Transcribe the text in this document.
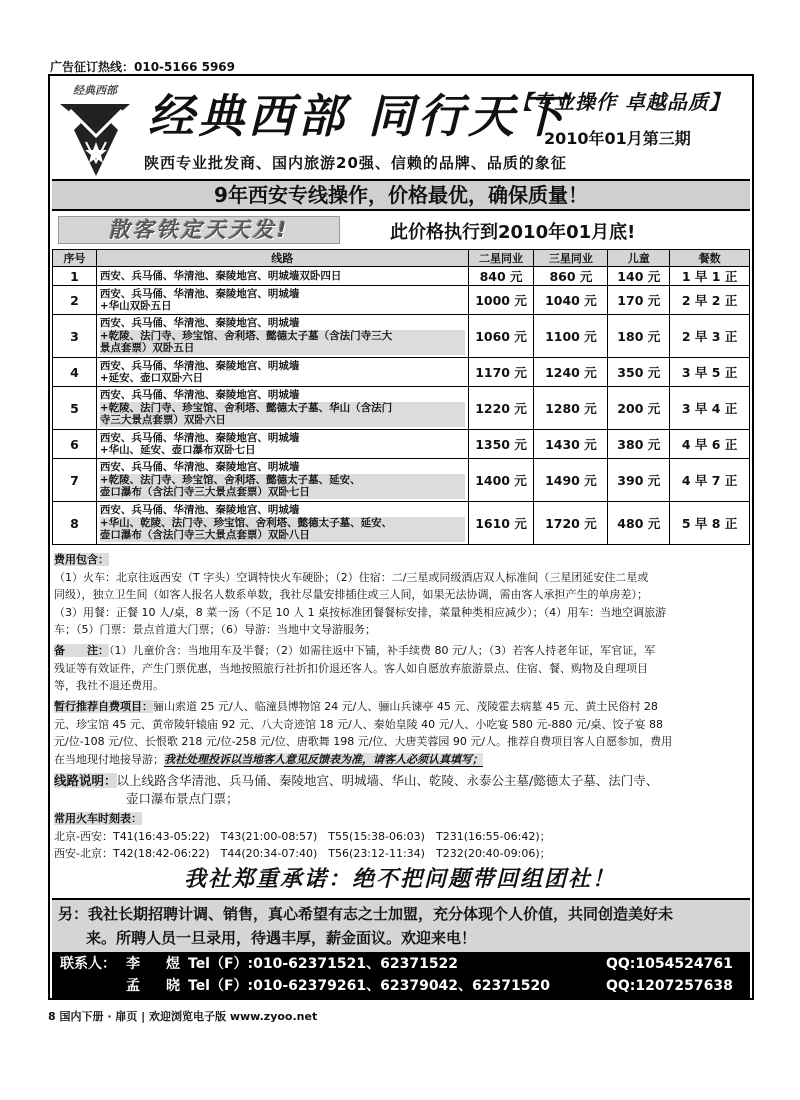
广告征订热线：010-5166 5969
经典西部 经典西部 同行天下
【专业操作 卓越品质】
2010年01月第三期
陕西专业批发商、国内旅游20强、信赖的品牌、品质的象征
9年西安专线操作，价格最优，确保质量！
散客铁定天天发!	此价格执行到2010年01月底!
序号	线路	二星同业	三星同业	儿童	餐数
1	西安、兵马俑、华清池、秦陵地宫、明城墙双卧四日	840 元	860 元	140 元	1 早 1 正
2	西安、兵马俑、华清池、秦陵地宫、明城墙
+华山双卧五日	1000 元	1040 元	170 元	2 早 2 正
3	西安、兵马俑、华清池、秦陵地宫、明城墙
+乾陵、法门寺、珍宝馆、舍利塔、懿德太子墓（含法门寺三大
景点套票）双卧五日	1060 元	1100 元	180 元	2 早 3 正
4	西安、兵马俑、华清池、秦陵地宫、明城墙
+延安、壶口双卧六日	1170 元	1240 元	350 元	3 早 5 正
5	西安、兵马俑、华清池、秦陵地宫、明城墙
+乾陵、法门寺、珍宝馆、舍利塔、懿德太子墓、华山（含法门
寺三大景点套票）双卧六日	1220 元	1280 元	200 元	3 早 4 正
6	西安、兵马俑、华清池、秦陵地宫、明城墙
+华山、延安、壶口瀑布双卧七日	1350 元	1430 元	380 元	4 早 6 正
7	西安、兵马俑、华清池、秦陵地宫、明城墙
+乾陵、法门寺、珍宝馆、舍利塔、懿德太子墓、延安、
壶口瀑布（含法门寺三大景点套票）双卧七日	1400 元	1490 元	390 元	4 早 7 正
8	西安、兵马俑、华清池、秦陵地宫、明城墙
+华山、乾陵、法门寺、珍宝馆、舍利塔、懿德太子墓、延安、
壶口瀑布（含法门寺三大景点套票）双卧八日	1610 元	1720 元	480 元	5 早 8 正
费用包含：
（1）火车：北京往返西安（T 字头）空调特快火车硬卧；（2）住宿：二/三星或同级酒店双人标准间（三星团延安住二星或
同级），独立卫生间（如客人报名人数系单数，我社尽量安排插住或三人间，如果无法协调，需由客人承担产生的单房差）；
（3）用餐：正餐 10 人/桌，8 菜一汤（不足 10 人 1 桌按标准团餐餐标安排，菜量种类相应减少）；（4）用车：当地空调旅游
车；（5）门票：景点首道大门票；（6）导游：当地中文导游服务；
备　　注：（1）儿童价含：当地用车及半餐；（2）如需往返中下铺，补手续费 80 元/人；（3）若客人持老年证，军官证，军
残证等有效证件，产生门票优惠，当地按照旅行社折扣价退还客人。客人如自愿放弃旅游景点、住宿、餐、购物及自理项目
等，我社不退还费用。
暂行推荐自费项目：骊山索道 25 元/人、临潼县博物馆 24 元/人、骊山兵谏亭 45 元、茂陵霍去病墓 45 元、黄土民俗村 28
元、珍宝馆 45 元、黄帝陵轩辕庙 92 元、八大奇迹馆 18 元/人、秦始皇陵 40 元/人、小吃宴 580 元-880 元/桌、饺子宴 88
元/位-108 元/位、长恨歌 218 元/位-258 元/位、唐歌舞 198 元/位、大唐芙蓉园 90 元/人。推荐自费项目客人自愿参加，费用
在当地现付地接导游；我社处理投诉以当地客人意见反馈表为准，请客人必须认真填写；
线路说明：以上线路含华清池、兵马俑、秦陵地宫、明城墙、华山、乾陵、永泰公主墓/懿德太子墓、法门寺、
壶口瀑布景点门票；
常用火车时刻表：
北京-西安：T41(16:43-05:22)　T43(21:00-08:57)　T55(15:38-06:03)　T231(16:55-06:42)；
西安-北京：T42(18:42-06:22)　T44(20:34-07:40)　T56(23:12-11:34)　T232(20:40-09:06)；
我社郑重承诺：绝不把问题带回组团社！
另：我社长期招聘计调、销售，真心希望有志之士加盟，充分体现个人价值，共同创造美好未
来。所聘人员一旦录用，待遇丰厚，薪金面议。欢迎来电！
联系人： 李　煜 Tel（F）:010-62371521、62371522	QQ:1054524761
孟　晓 Tel（F）:010-62379261、62379042、62371520	QQ:1207257638
8 国内下册 · 扉页 | 欢迎浏览电子版 www.zyoo.net
